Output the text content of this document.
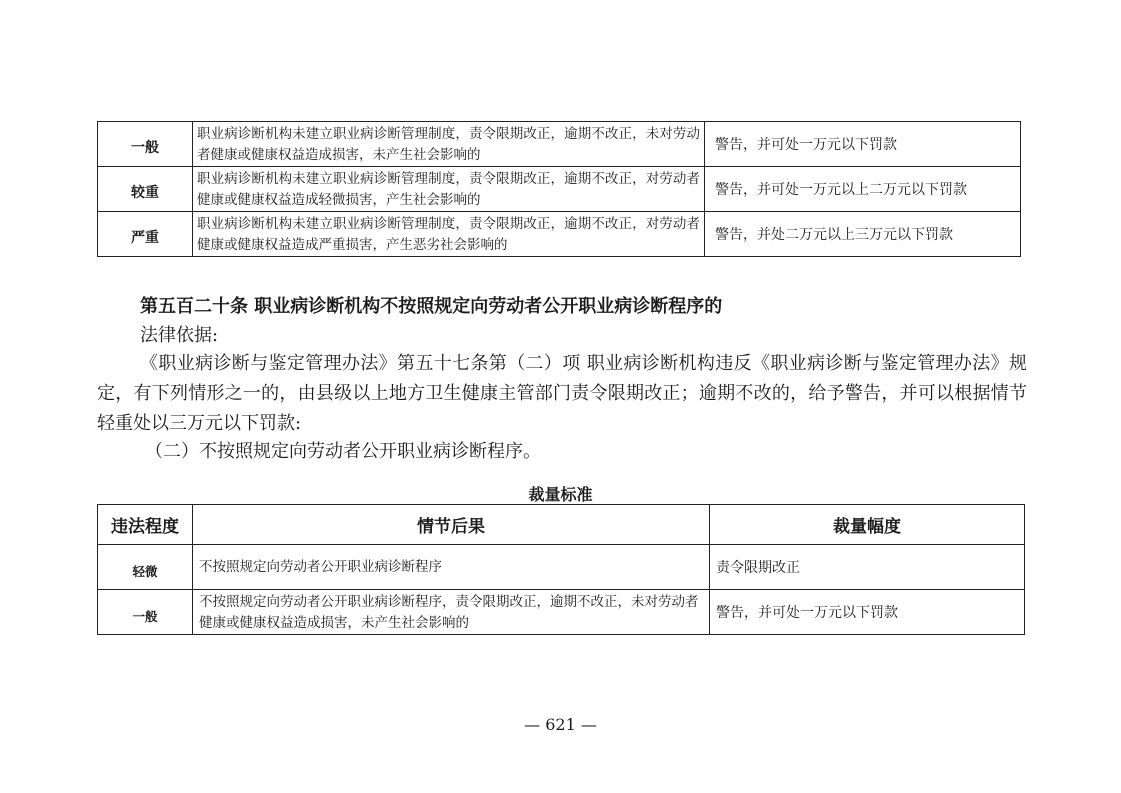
一般	职业病诊断机构未建立职业病诊断管理制度，责令限期改正，逾期不改正，未对劳动者健康或健康权益造成损害，未产生社会影响的	警告，并可处一万元以下罚款
较重	职业病诊断机构未建立职业病诊断管理制度，责令限期改正，逾期不改正，对劳动者健康或健康权益造成轻微损害，产生社会影响的	警告，并可处一万元以上二万元以下罚款
严重	职业病诊断机构未建立职业病诊断管理制度，责令限期改正，逾期不改正，对劳动者健康或健康权益造成严重损害，产生恶劣社会影响的	警告，并处二万元以上三万元以下罚款
第五百二十条 职业病诊断机构不按照规定向劳动者公开职业病诊断程序的
法律依据:

《职业病诊断与鉴定管理办法》第五十七条第（二）项 职业病诊断机构违反《职业病诊断与鉴定管理办法》规定，有下列情形之一的，由县级以上地方卫生健康主管部门责令限期改正；逾期不改的，给予警告，并可以根据情节轻重处以三万元以下罚款:

（二）不按照规定向劳动者公开职业病诊断程序。
裁量标准
违法程度	情节后果	裁量幅度
轻微	不按照规定向劳动者公开职业病诊断程序	责令限期改正
一般	不按照规定向劳动者公开职业病诊断程序，责令限期改正，逾期不改正，未对劳动者健康或健康权益造成损害，未产生社会影响的	警告，并可处一万元以下罚款
— 621 —
